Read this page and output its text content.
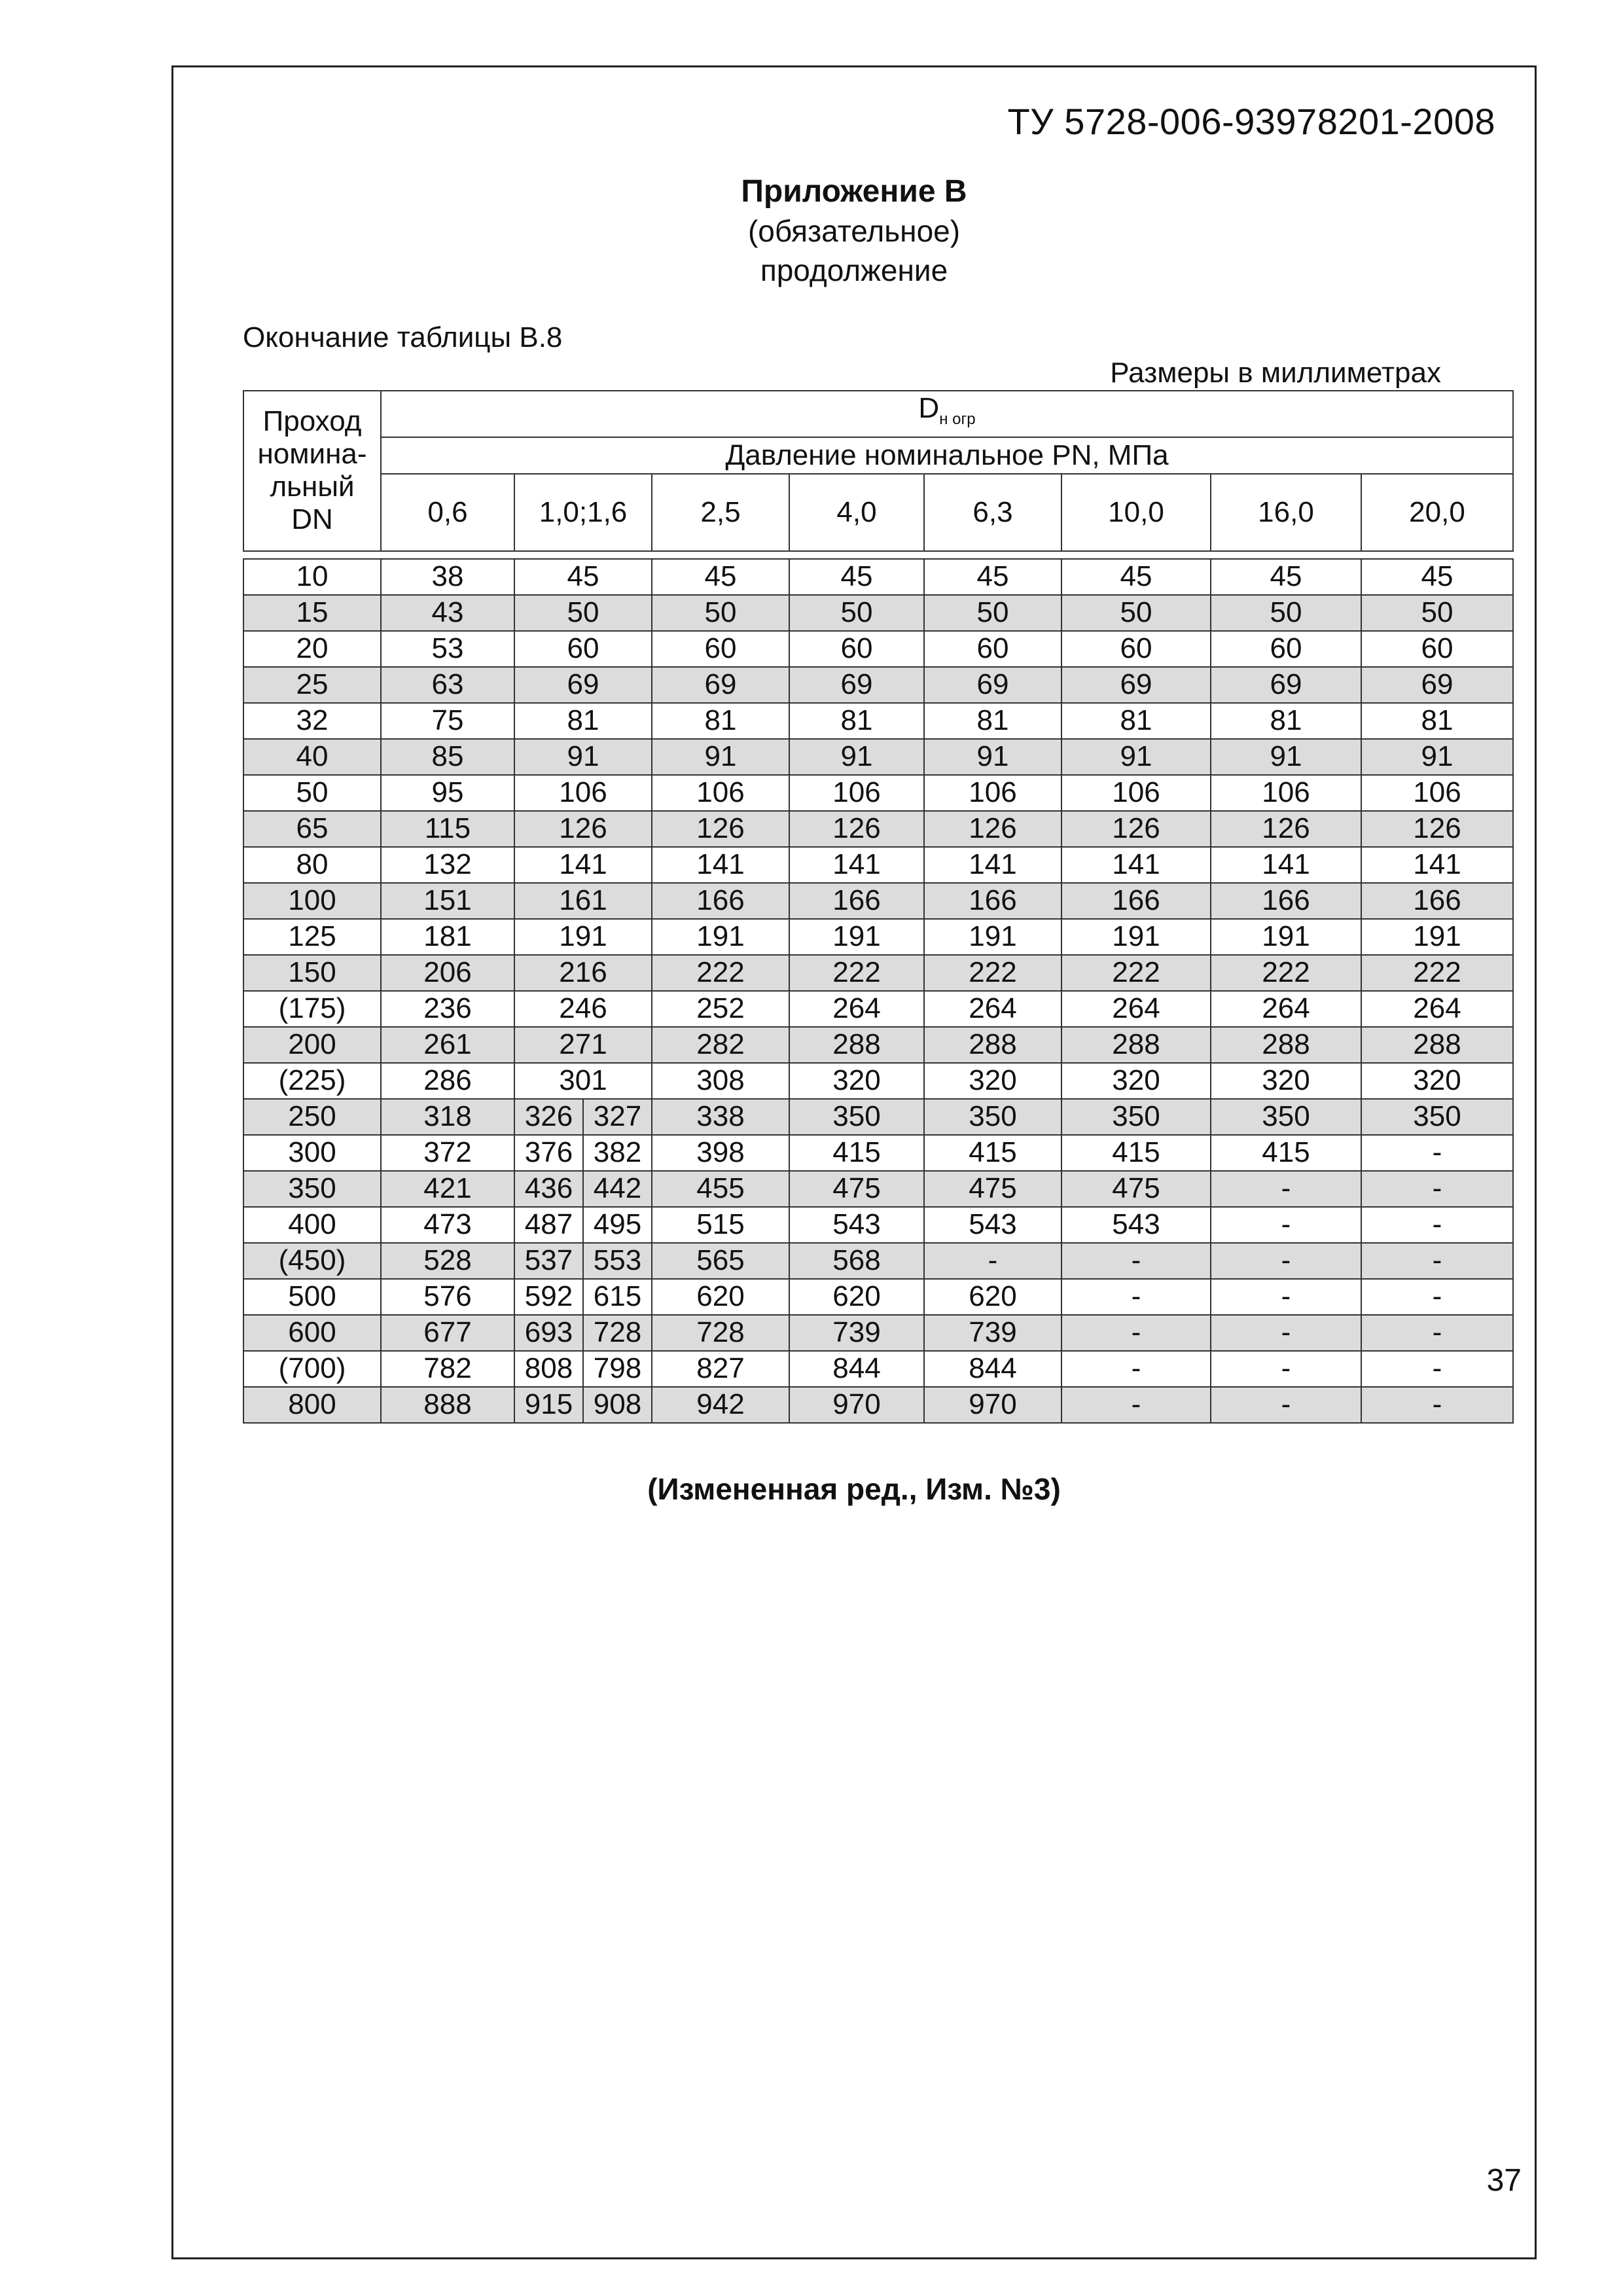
ТУ 5728-006-93978201-2008
Приложение В
(обязательное)
продолжение
Окончание таблицы В.8
Размеры в миллиметрах
Проход
номина-
льный
DN	$D_{н огр}$
	Давление номинальное PN, МПа								
	0,6	1,0;1,6		2,5	4,0	6,3	10,0	16,0	20,0

10	38	45		45	45	45	45	45	45
15	43	50		50	50	50	50	50	50
20	53	60		60	60	60	60	60	60
25	63	69		69	69	69	69	69	69
32	75	81		81	81	81	81	81	81
40	85	91		91	91	91	91	91	91
50	95	106		106	106	106	106	106	106
65	115	126		126	126	126	126	126	126
80	132	141		141	141	141	141	141	141
100	151	161		166	166	166	166	166	166
125	181	191		191	191	191	191	191	191
150	206	216		222	222	222	222	222	222
(175)	236	246		252	264	264	264	264	264
200	261	271		282	288	288	288	288	288
(225)	286	301		308	320	320	320	320	320
250	318	326	327	338	350	350	350	350	350
300	372	376	382	398	415	415	415	415	-
350	421	436	442	455	475	475	475	-	-
400	473	487	495	515	543	543	543	-	-
(450)	528	537	553	565	568	-	-	-	-
500	576	592	615	620	620	620	-	-	-
600	677	693	728	728	739	739	-	-	-
(700)	782	808	798	827	844	844	-	-	-
800	888	915	908	942	970	970	-	-	-
(Измененная ред., Изм. №3)
37
